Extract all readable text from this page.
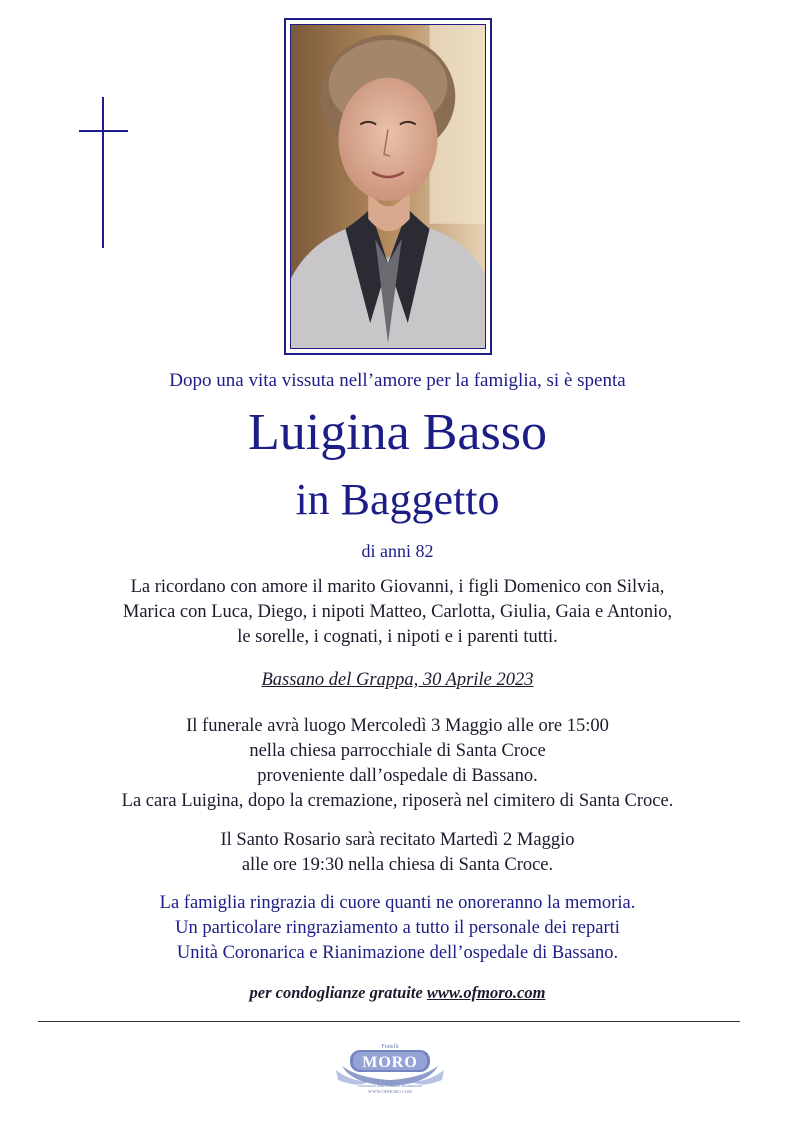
Dopo una vita vissuta nell’amore per la famiglia, si è spenta
Luigina Basso
in Baggetto
di anni 82
La ricordano con amore il marito Giovanni, i figli Domenico con Silvia,
Marica con Luca, Diego, i nipoti Matteo, Carlotta, Giulia, Gaia e Antonio,
le sorelle, i cognati, i nipoti e i parenti tutti.
Bassano del Grappa, 30 Aprile 2023
Il funerale avrà luogo Mercoledì 3 Maggio alle ore 15:00
nella chiesa parrocchiale di Santa Croce
proveniente dall’ospedale di Bassano.
La cara Luigina, dopo la cremazione, riposerà nel cimitero di Santa Croce.
Il Santo Rosario sarà recitato Martedì 2 Maggio
alle ore 19:30 nella chiesa di Santa Croce.
La famiglia ringrazia di cuore quanti ne onoreranno la memoria.
Un particolare ringraziamento a tutto il personale dei reparti
Unità Coronarica e Rianimazione dell’ospedale di Bassano.
per condoglianze gratuite www.ofmoro.com
Fratelli
MORO
ASSISTENZA DIRETTA SENZA INTERMEDIARI
WWW.OFMORO.COM
